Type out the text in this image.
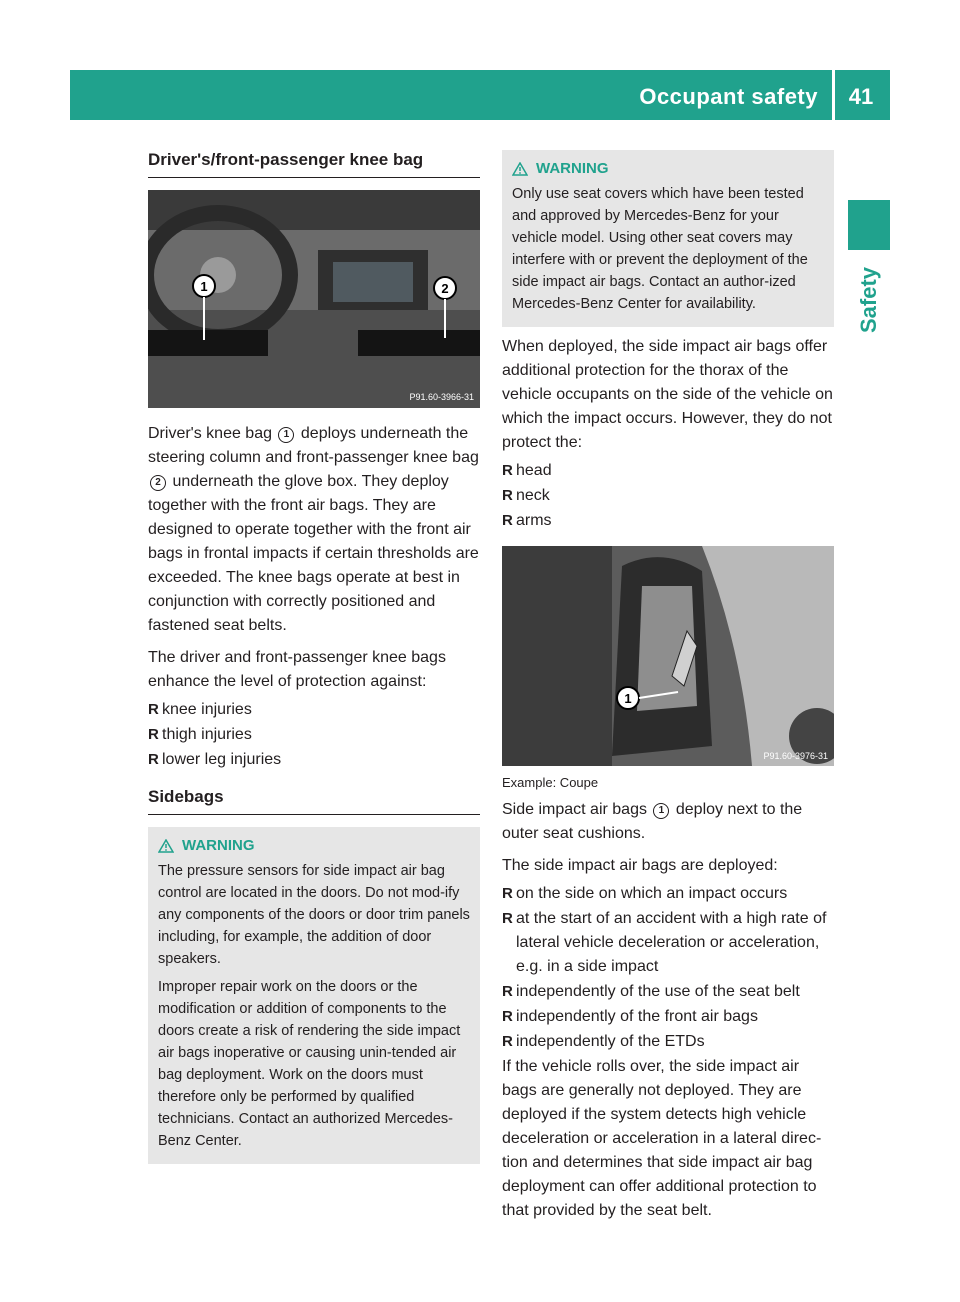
Occupant safety 41
Safety
Driver's/front-passenger knee bag
1	2
P91.60-3966-31

Driver's knee bag 1 deploys underneath the steering column and front-passenger knee bag 2 underneath the glove box. They deploy together with the front air bags. They are designed to operate together with the front air bags in frontal impacts if certain thresholds are exceeded. The knee bags operate at best in conjunction with correctly positioned and fastened seat belts.

The driver and front-passenger knee bags enhance the level of protection against:

R knee injuries
R thigh injuries
R lower leg injuries
Sidebags
WARNING

The pressure sensors for side impact air bag control are located in the doors. Do not mod-ify any components of the doors or door trim panels including, for example, the addition of door speakers.

Improper repair work on the doors or the modification or addition of components to the doors create a risk of rendering the side impact air bags inoperative or causing unin-tended air bag deployment. Work on the doors must therefore only be performed by qualified technicians. Contact an authorized Mercedes-Benz Center.

WARNING

Only use seat covers which have been tested and approved by Mercedes-Benz for your vehicle model. Using other seat covers may interfere with or prevent the deployment of the side impact air bags. Contact an author-ized Mercedes-Benz Center for availability.

When deployed, the side impact air bags offer additional protection for the thorax of the vehicle occupants on the side of the vehicle on which the impact occurs. However, they do not protect the:

R head
R neck
R arms
1
P91.60-3976-31
Example: Coupe

Side impact air bags 1 deploy next to the outer seat cushions.

The side impact air bags are deployed:

R on the side on which an impact occurs
R at the start of an accident with a high rate of lateral vehicle deceleration or acceleration, e.g. in a side impact
R independently of the use of the seat belt
R independently of the front air bags
R independently of the ETDs

If the vehicle rolls over, the side impact air bags are generally not deployed. They are deployed if the system detects high vehicle deceleration or acceleration in a lateral direc-tion and determines that side impact air bag deployment can offer additional protection to that provided by the seat belt.
